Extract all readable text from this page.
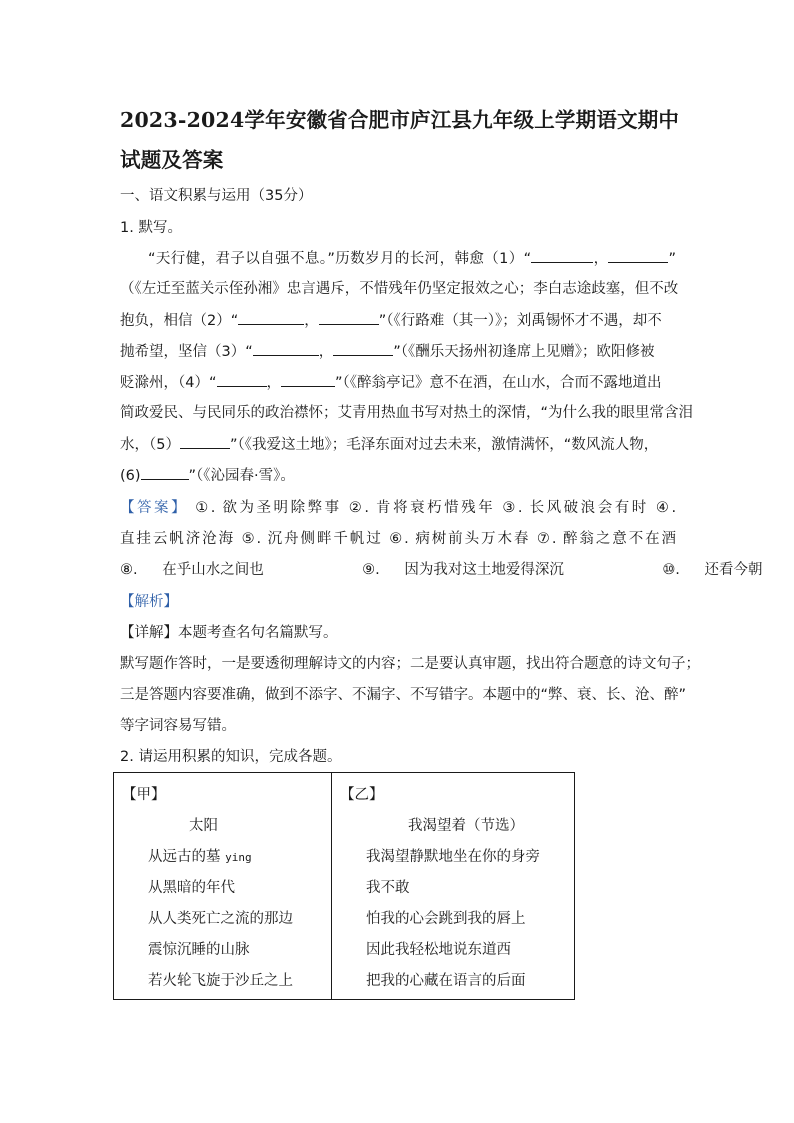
2023-2024学年安徽省合肥市庐江县九年级上学期语文期中
试题及答案
一、语文积累与运用（35分）
1. 默写。
“天行健，君子以自强不息。”历数岁月的长河，韩愈（1）“	，	”
（《左迁至蓝关示侄孙湘》忠言遇斥，不惜残年仍坚定报效之心；李白志途歧塞，但不改
抱负，相信（2）“	，	”（《行路难（其一）》；刘禹锡怀才不遇，却不
抛希望，坚信（3）“	，	”（《酬乐天扬州初逢席上见赠》；欧阳修被
贬滁州，（4）“	，	”（《醉翁亭记》意不在酒，在山水，合而不露地道出
简政爱民、与民同乐的政治襟怀；艾青用热血书写对热土的深情，“为什么我的眼里常含泪
水，（5）	”（《我爱这土地》；毛泽东面对过去未来，激情满怀，“数风流人物，
(6)	”（《沁园春·雪》。
【答案】 ①. 欲为圣明除弊事 ②. 肯将衰朽惜残年 ③. 长风破浪会有时 ④.
直挂云帆济沧海 ⑤. 沉舟侧畔千帆过 ⑥. 病树前头万木春 ⑦. 醉翁之意不在酒
⑧. 在乎山水之间也	⑨. 因为我对这土地爱得深沉	⑩. 还看今朝
【解析】
【详解】本题考查名句名篇默写。
默写题作答时，一是要透彻理解诗文的内容；二是要认真审题，找出符合题意的诗文句子；
三是答题内容要准确，做到不添字、不漏字、不写错字。本题中的“弊、衰、长、沧、醉”
等字词容易写错。
2. 请运用积累的知识，完成各题。
【甲】
太阳
从远古的墓 ying
从黑暗的年代
从人类死亡之流的那边
震惊沉睡的山脉
若火轮飞旋于沙丘之上
【乙】
我渴望着（节选）
我渴望静默地坐在你的身旁
我不敢
怕我的心会跳到我的唇上
因此我轻松地说东道西
把我的心藏在语言的后面
